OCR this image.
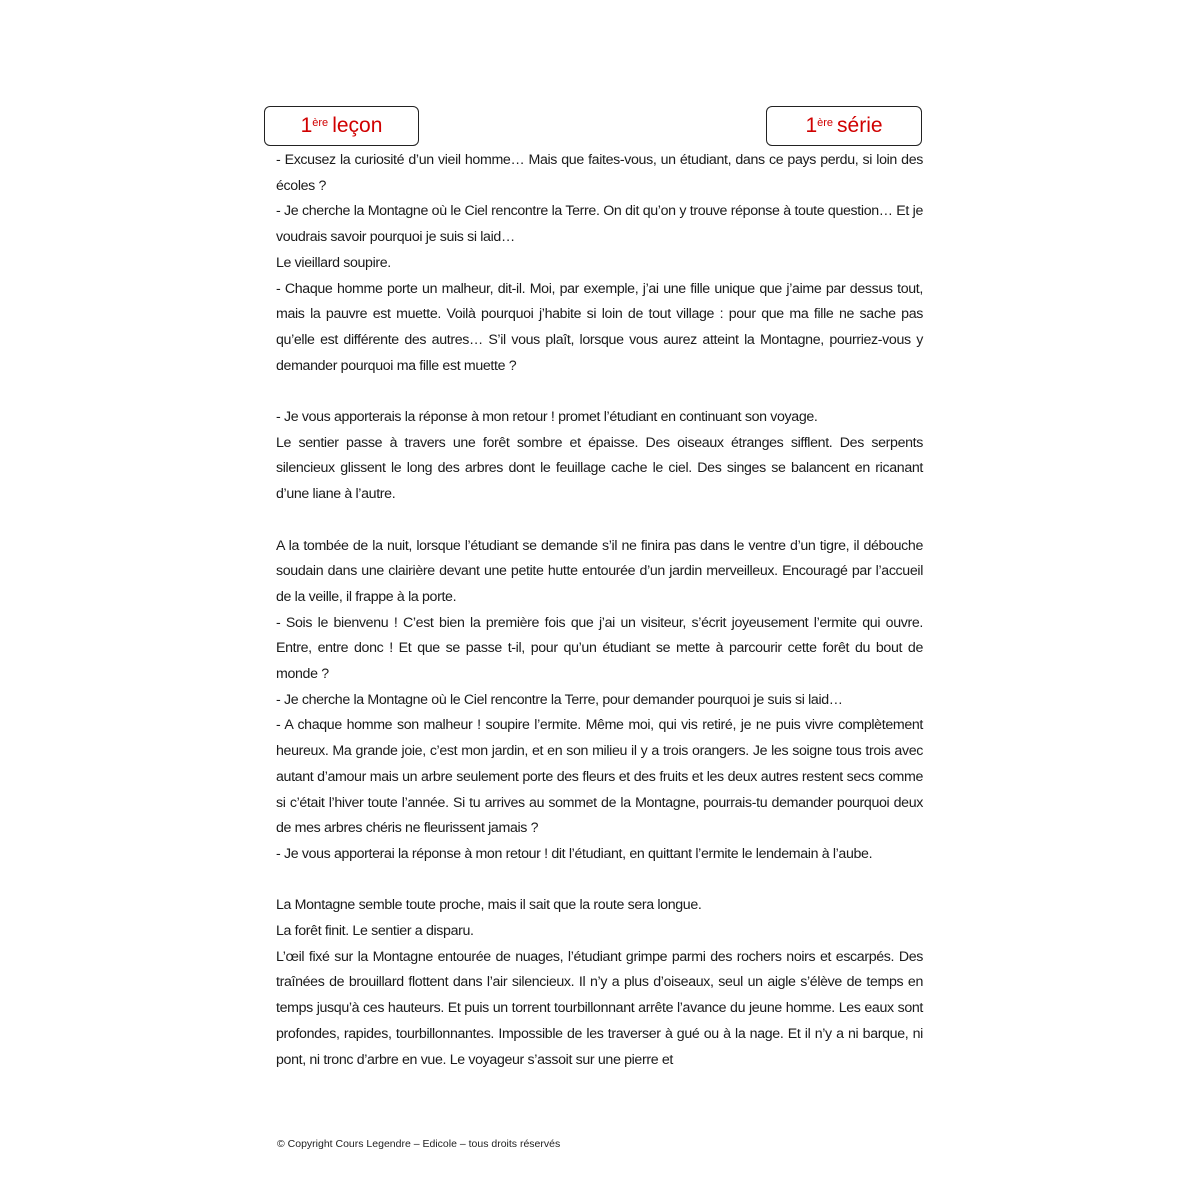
1ère leçon	1ère série

- Excusez la curiosité d’un vieil homme… Mais que faites-vous, un étudiant, dans ce pays perdu, si loin des écoles ?

- Je cherche la Montagne où le Ciel rencontre la Terre. On dit qu’on y trouve réponse à toute question… Et je voudrais savoir pourquoi je suis si laid…

Le vieillard soupire.

- Chaque homme porte un malheur, dit-il. Moi, par exemple, j’ai une fille unique que j’aime par dessus tout, mais la pauvre est muette. Voilà pourquoi j’habite si loin de tout village : pour que ma fille ne sache pas qu’elle est différente des autres… S’il vous plaît, lorsque vous aurez atteint la Montagne, pourriez-vous y demander pourquoi ma fille est muette ?

- Je vous apporterais la réponse à mon retour ! promet l’étudiant en continuant son voyage.

Le sentier passe à travers une forêt sombre et épaisse. Des oiseaux étranges sifflent. Des serpents silencieux glissent le long des arbres dont le feuillage cache le ciel. Des singes se balancent en ricanant d’une liane à l’autre.

A la tombée de la nuit, lorsque l’étudiant se demande s’il ne finira pas dans le ventre d’un tigre, il débouche soudain dans une clairière devant une petite hutte entourée d’un jardin merveilleux. Encouragé par l’accueil de la veille, il frappe à la porte.

- Sois le bienvenu ! C’est bien la première fois que j’ai un visiteur, s’écrit joyeusement l’ermite qui ouvre. Entre, entre donc ! Et que se passe t-il, pour qu’un étudiant se mette à parcourir cette forêt du bout de monde ?

- Je cherche la Montagne où le Ciel rencontre la Terre, pour demander pourquoi je suis si laid…

- A chaque homme son malheur ! soupire l’ermite. Même moi, qui vis retiré, je ne puis vivre complètement heureux. Ma grande joie, c’est mon jardin, et en son milieu il y a trois orangers. Je les soigne tous trois avec autant d’amour mais un arbre seulement porte des fleurs et des fruits et les deux autres restent secs comme si c’était l’hiver toute l’année. Si tu arrives au sommet de la Montagne, pourrais-tu demander pourquoi deux de mes arbres chéris ne fleurissent jamais ?

- Je vous apporterai la réponse à mon retour ! dit l’étudiant, en quittant l’ermite le lendemain à l’aube.

La Montagne semble toute proche, mais il sait que la route sera longue.

La forêt finit. Le sentier a disparu.

L’œil fixé sur la Montagne entourée de nuages, l’étudiant grimpe parmi des rochers noirs et escarpés. Des traînées de brouillard flottent dans l’air silencieux. Il n’y a plus d’oiseaux, seul un aigle s’élève de temps en temps jusqu’à ces hauteurs. Et puis un torrent tourbillonnant arrête l’avance du jeune homme. Les eaux sont profondes, rapides, tourbillonnantes. Impossible de les traverser à gué ou à la nage. Et il n’y a ni barque, ni pont, ni tronc d’arbre en vue. Le voyageur s’assoit sur une pierre et

© Copyright Cours Legendre – Edicole – tous droits réservés
